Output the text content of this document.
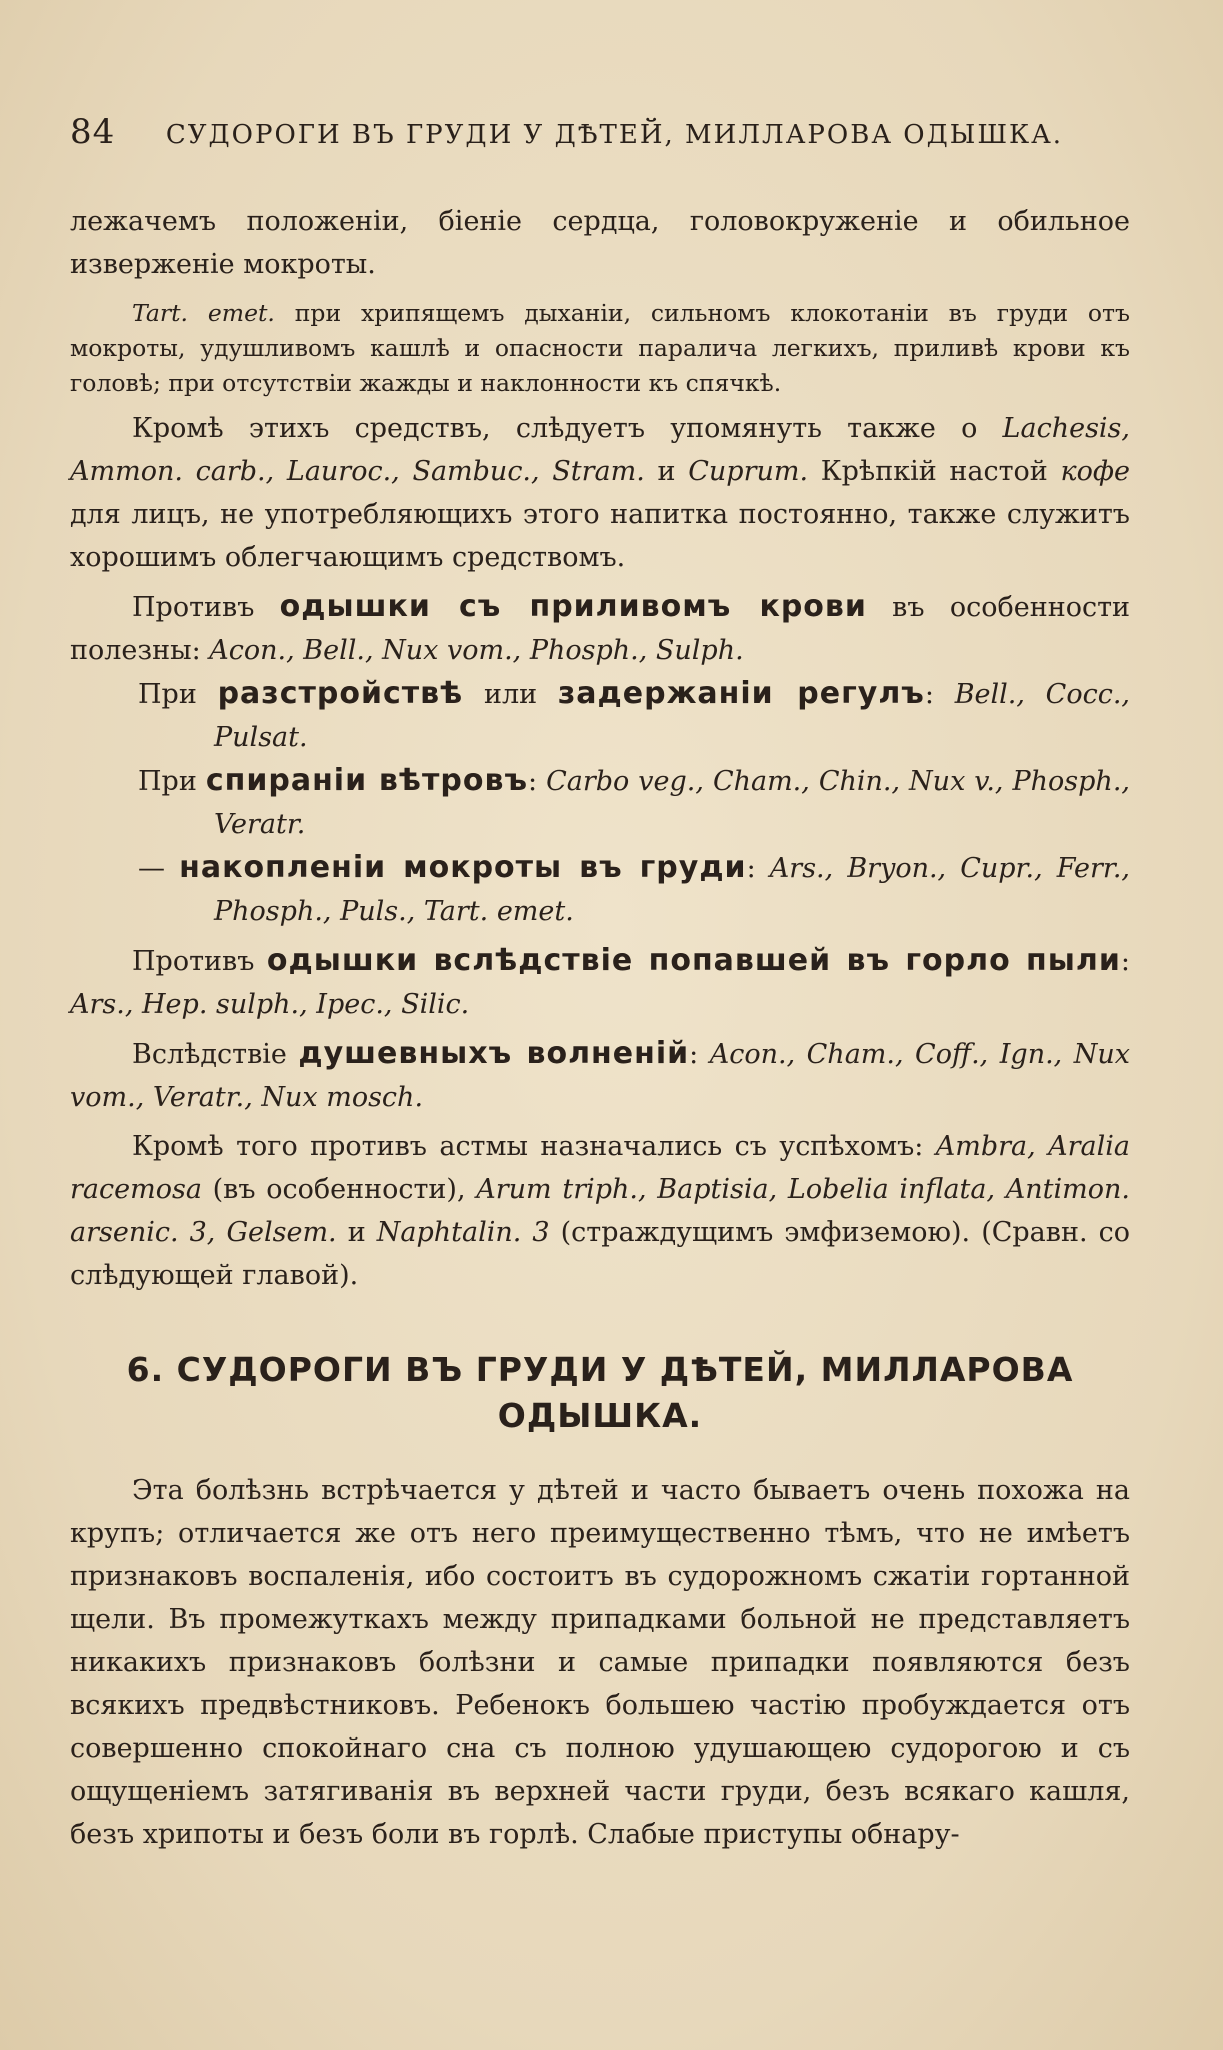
84 СУДОРОГИ ВЪ ГРУДИ У ДѢТЕЙ, МИЛЛАРОВА ОДЫШКА.

лежачемъ положенiи, бieнie сердца, головокруженie и обильное изверженie мокроты.

Tart. emet. при хрипящемъ дыханiи, сильномъ клокотанiи въ груди отъ мокроты, удушливомъ кашлѣ и опасности паралича легкихъ, приливѣ крови къ головѣ; при отсутствiи жажды и наклонности къ спячкѣ.

Кромѣ этихъ средствъ, слѣдуетъ упомянуть также о Lachesis, Ammon. carb., Laurоc., Sambuc., Stram. и Cuprum. Крѣпкiй настой кофе для лицъ, не употребляющихъ этого напитка постоянно, также служитъ хорошимъ облегчающимъ средствомъ.

Противъ одышки съ приливомъ крови въ особенности полезны: Acon., Bell., Nux vom., Phosph., Sulph.

При разстройствѣ или задержанiи регулъ: Bell., Cocc., Pulsat.

При спиранiи вѣтровъ: Carbo veg., Cham., Chin., Nux v., Phosph., Veratr.

— накопленiи мокроты въ груди: Ars., Bryon., Cupr., Ferr., Phosph., Puls., Tart. emet.

Противъ одышки вслѣдствie попавшей въ горло пыли: Ars., Hep. sulph., Ipec., Silic.

Вслѣдствie душевныхъ волненiй: Acon., Cham., Coff., Ign., Nux vom., Veratr., Nux mosch.

Кромѣ того противъ астмы назначались съ успѣхомъ: Ambra, Aralia racemosa (въ особенности), Arum triph., Baptisia, Lobelia inflata, Antimon. arsenic. 3, Gelsem. и Naphtalin. 3 (страждущимъ эмфиземою). (Сравн. со слѣдующей главой).

6. СУДОРОГИ ВЪ ГРУДИ У ДѢТЕЙ, МИЛЛАРОВА ОДЫШКА.

Эта болѣзнь встрѣчается у дѣтей и часто бываетъ очень похожа на крупъ; отличается же отъ него преимущественно тѣмъ, что не имѣетъ признаковъ воспаленiя, ибо состоитъ въ судорожномъ сжатiи гортанной щели. Въ промежуткахъ между припадками больной не представляетъ никакихъ признаковъ болѣзни и самые припадки появляются безъ всякихъ предвѣстниковъ. Ребенокъ большею частiю пробуждается отъ совершенно спокойнаго сна съ полною удушающею судорогою и съ ощущенiемъ затягиванiя въ верхней части груди, безъ всякаго кашля, безъ хрипоты и безъ боли въ горлѣ. Слабые приступы обнару-
